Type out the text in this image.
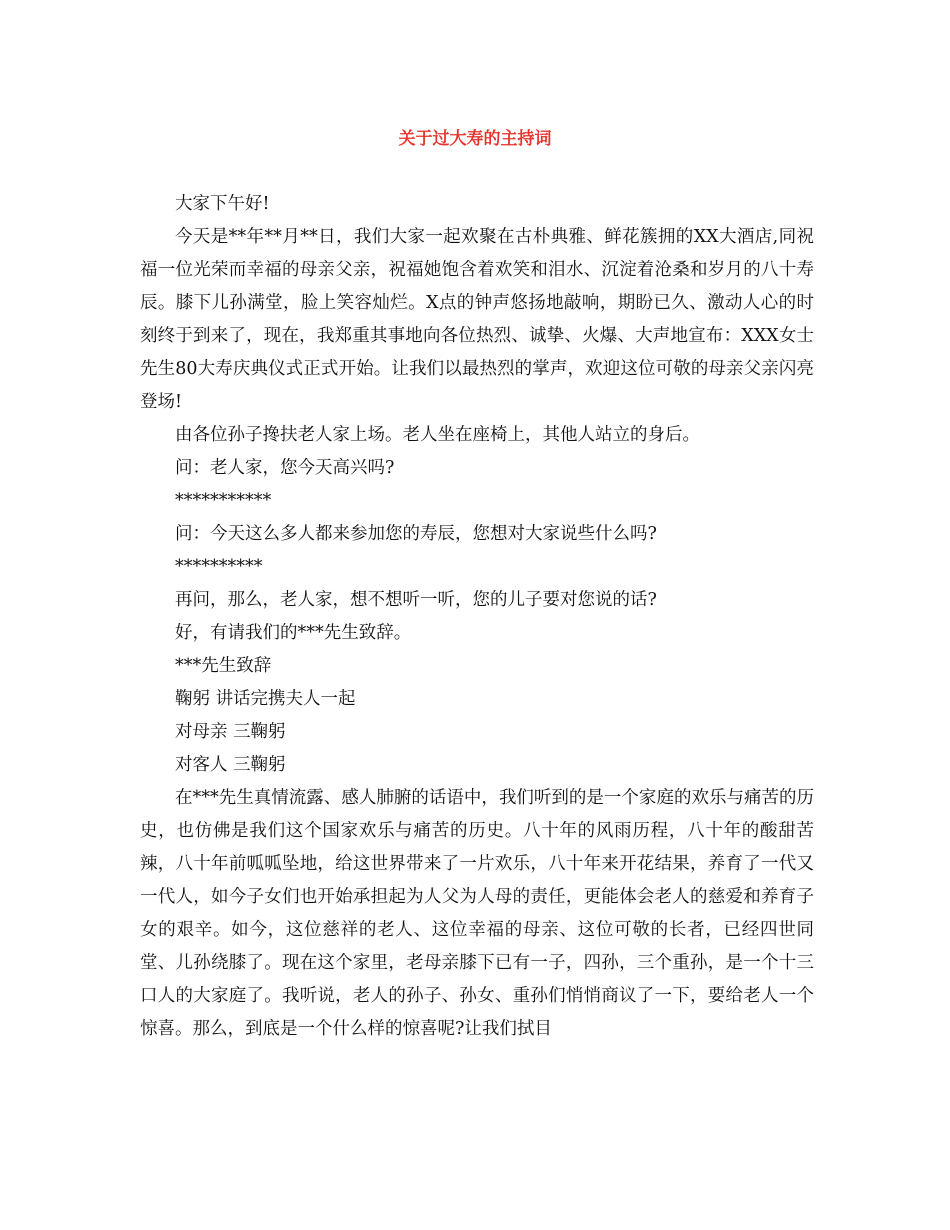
关于过大寿的主持词

大家下午好!

今天是**年**月**日，我们大家一起欢聚在古朴典雅、鲜花簇拥的XX大酒店,同祝福一位光荣而幸福的母亲父亲，祝福她饱含着欢笑和泪水、沉淀着沧桑和岁月的八十寿辰。膝下儿孙满堂，脸上笑容灿烂。X点的钟声悠扬地敲响，期盼已久、激动人心的时刻终于到来了，现在，我郑重其事地向各位热烈、诚挚、火爆、大声地宣布：XXX女士先生80大寿庆典仪式正式开始。让我们以最热烈的掌声，欢迎这位可敬的母亲父亲闪亮登场!

由各位孙子搀扶老人家上场。老人坐在座椅上，其他人站立的身后。

问：老人家，您今天高兴吗?

***********

问：今天这么多人都来参加您的寿辰，您想对大家说些什么吗?

**********

再问，那么，老人家，想不想听一听，您的儿子要对您说的话?

好，有请我们的***先生致辞。

***先生致辞

鞠躬 讲话完携夫人一起

对母亲 三鞠躬

对客人 三鞠躬

在***先生真情流露、感人肺腑的话语中，我们听到的是一个家庭的欢乐与痛苦的历史，也仿佛是我们这个国家欢乐与痛苦的历史。八十年的风雨历程，八十年的酸甜苦辣，八十年前呱呱坠地，给这世界带来了一片欢乐，八十年来开花结果，养育了一代又一代人，如今子女们也开始承担起为人父为人母的责任，更能体会老人的慈爱和养育子女的艰辛。如今，这位慈祥的老人、这位幸福的母亲、这位可敬的长者，已经四世同堂、儿孙绕膝了。现在这个家里，老母亲膝下已有一子，四孙，三个重孙，是一个十三口人的大家庭了。我听说，老人的孙子、孙女、重孙们悄悄商议了一下，要给老人一个惊喜。那么，到底是一个什么样的惊喜呢?让我们拭目
